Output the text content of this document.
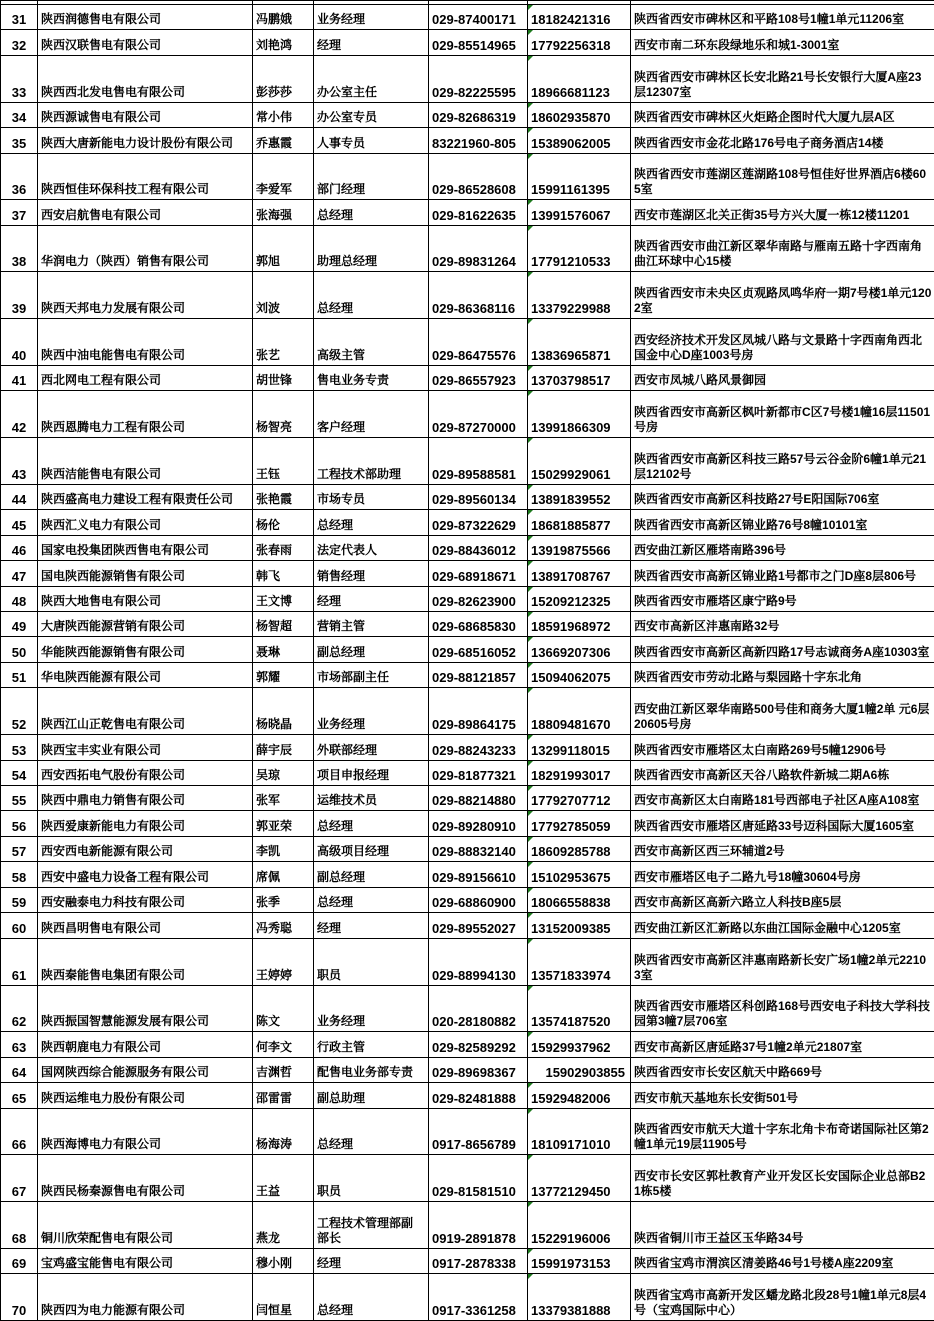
31	陕西润德售电有限公司	冯鹏娥	业务经理	029-87400171	18182421316	陕西省西安市碑林区和平路108号1幢1单元11206室
32	陕西汉联售电有限公司	刘艳鸿	经理	029-85514965	17792256318	西安市南二环东段绿地乐和城1-3001室
33	陕西西北发电售电有限公司	彭莎莎	办公室主任	029-82225595	18966681123	陕西省西安市碑林区长安北路21号长安银行大厦A座23层12307室
34	陕西源诚售电有限公司	常小伟	办公室专员	029-82686319	18602935870	陕西省西安市碑林区火炬路企图时代大厦九层A区
35	陕西大唐新能电力设计股份有限公司	乔惠霞	人事专员	83221960-805	15389062005	陕西省西安市金花北路176号电子商务酒店14楼
36	陕西恒佳环保科技工程有限公司	李爱军	部门经理	029-86528608	15991161395	陕西省西安市莲湖区莲湖路108号恒佳好世界酒店6楼605室
37	西安启航售电有限公司	张海强	总经理	029-81622635	13991576067	西安市莲湖区北关正街35号方兴大厦一栋12楼11201
38	华润电力（陕西）销售有限公司	郭旭	助理总经理	029-89831264	17791210533	陕西省西安市曲江新区翠华南路与雁南五路十字西南角曲江环球中心15楼
39	陕西天邦电力发展有限公司	刘波	总经理	029-86368116	13379229988	陕西省西安市未央区贞观路凤鸣华府一期7号楼1单元1202室
40	陕西中油电能售电有限公司	张艺	高级主管	029-86475576	13836965871	西安经济技术开发区凤城八路与文景路十字西南角西北国金中心D座1003号房
41	西北网电工程有限公司	胡世锋	售电业务专责	029-86557923	13703798517	西安市凤城八路风景御园
42	陕西恩腾电力工程有限公司	杨智亮	客户经理	029-87270000	13991866309	陕西省西安市高新区枫叶新都市C区7号楼1幢16层11501号房
43	陕西洁能售电有限公司	王钰	工程技术部助理	029-89588581	15029929061	陕西省西安市高新区科技三路57号云谷金阶6幢1单元21层12102号
44	陕西盛高电力建设工程有限责任公司	张艳霞	市场专员	029-89560134	13891839552	陕西省西安市高新区科技路27号E阳国际706室
45	陕西汇义电力有限公司	杨伦	总经理	029-87322629	18681885877	陕西省西安市高新区锦业路76号8幢10101室
46	国家电投集团陕西售电有限公司	张春雨	法定代表人	029-88436012	13919875566	西安曲江新区雁塔南路396号
47	国电陕西能源销售有限公司	韩飞	销售经理	029-68918671	13891708767	陕西省西安市高新区锦业路1号都市之门D座8层806号
48	陕西大地售电有限公司	王文博	经理	029-82623900	15209212325	陕西省西安市雁塔区康宁路9号
49	大唐陕西能源营销有限公司	杨智超	营销主管	029-68685830	18591968972	西安市高新区沣惠南路32号
50	华能陕西能源销售有限公司	聂琳	副总经理	029-68516052	13669207306	陕西省西安市高新区高新四路17号志诚商务A座10303室
51	华电陕西能源有限公司	郭耀	市场部副主任	029-88121857	15094062075	陕西省西安市劳动北路与梨园路十字东北角
52	陕西江山正乾售电有限公司	杨晓晶	业务经理	029-89864175	18809481670	西安曲江新区翠华南路500号佳和商务大厦1幢2单 元6层20605号房
53	陕西宝丰实业有限公司	薛宇辰	外联部经理	029-88243233	13299118015	陕西省西安市雁塔区太白南路269号5幢12906号
54	西安西拓电气股份有限公司	吴琼	项目申报经理	029-81877321	18291993017	陕西省西安市高新区天谷八路软件新城二期A6栋
55	陕西中鼎电力销售有限公司	张军	运维技术员	029-88214880	17792707712	西安市高新区太白南路181号西部电子社区A座A108室
56	陕西爱康新能电力有限公司	郭亚荣	总经理	029-89280910	17792785059	陕西省西安市雁塔区唐延路33号迈科国际大厦1605室
57	西安西电新能源有限公司	李凯	高级项目经理	029-88832140	18609285788	西安市高新区西三环辅道2号
58	西安中盛电力设备工程有限公司	席佩	副总经理	029-89156610	15102953675	西安市雁塔区电子二路九号18幢30604号房
59	西安融泰电力科技有限公司	张季	总经理	029-68860900	18066558838	西安市高新区高新六路立人科技B座5层
60	陕西昌明售电有限公司	冯秀聪	经理	029-89552027	13152009385	西安曲江新区汇新路以东曲江国际金融中心1205室
61	陕西秦能售电集团有限公司	王婷婷	职员	029-88994130	13571833974	陕西省西安市高新区沣惠南路新长安广场1幢2单元22103室
62	陕西振国智慧能源发展有限公司	陈文	业务经理	020-28180882	13574187520	陕西省西安市雁塔区科创路168号西安电子科技大学科技园第3幢7层706室
63	陕西朝鹿电力有限公司	何李文	行政主管	029-82589292	15929937962	西安市高新区唐延路37号1幢2单元21807室
64	国网陕西综合能源服务有限公司	吉渊哲	配售电业务部专责	029-89698367	15902903855	陕西省西安市长安区航天中路669号
65	陕西运维电力股份有限公司	邵雷雷	副总助理	029-82481888	15929482006	西安市航天基地东长安街501号
66	陕西海博电力有限公司	杨海涛	总经理	0917-8656789	18109171010	陕西省西安市航天大道十字东北角卡布奇诺国际社区第2幢1单元19层11905号
67	陕西民杨秦源售电有限公司	王益	职员	029-81581510	13772129450	西安市长安区郭杜教育产业开发区长安国际企业总部B21栋5楼
68	铜川欣荣配售电有限公司	燕龙	工程技术管理部副部长	0919-2891878	15229196006	陕西省铜川市王益区玉华路34号
69	宝鸡盛宝能售电有限公司	穆小刚	经理	0917-2878338	15991973153	陕西省宝鸡市渭滨区清姜路46号1号楼A座2209室
70	陕西四为电力能源有限公司	闫恒星	总经理	0917-3361258	13379381888	陕西省宝鸡市高新开发区蟠龙路北段28号1幢1单元8层4号（宝鸡国际中心）
